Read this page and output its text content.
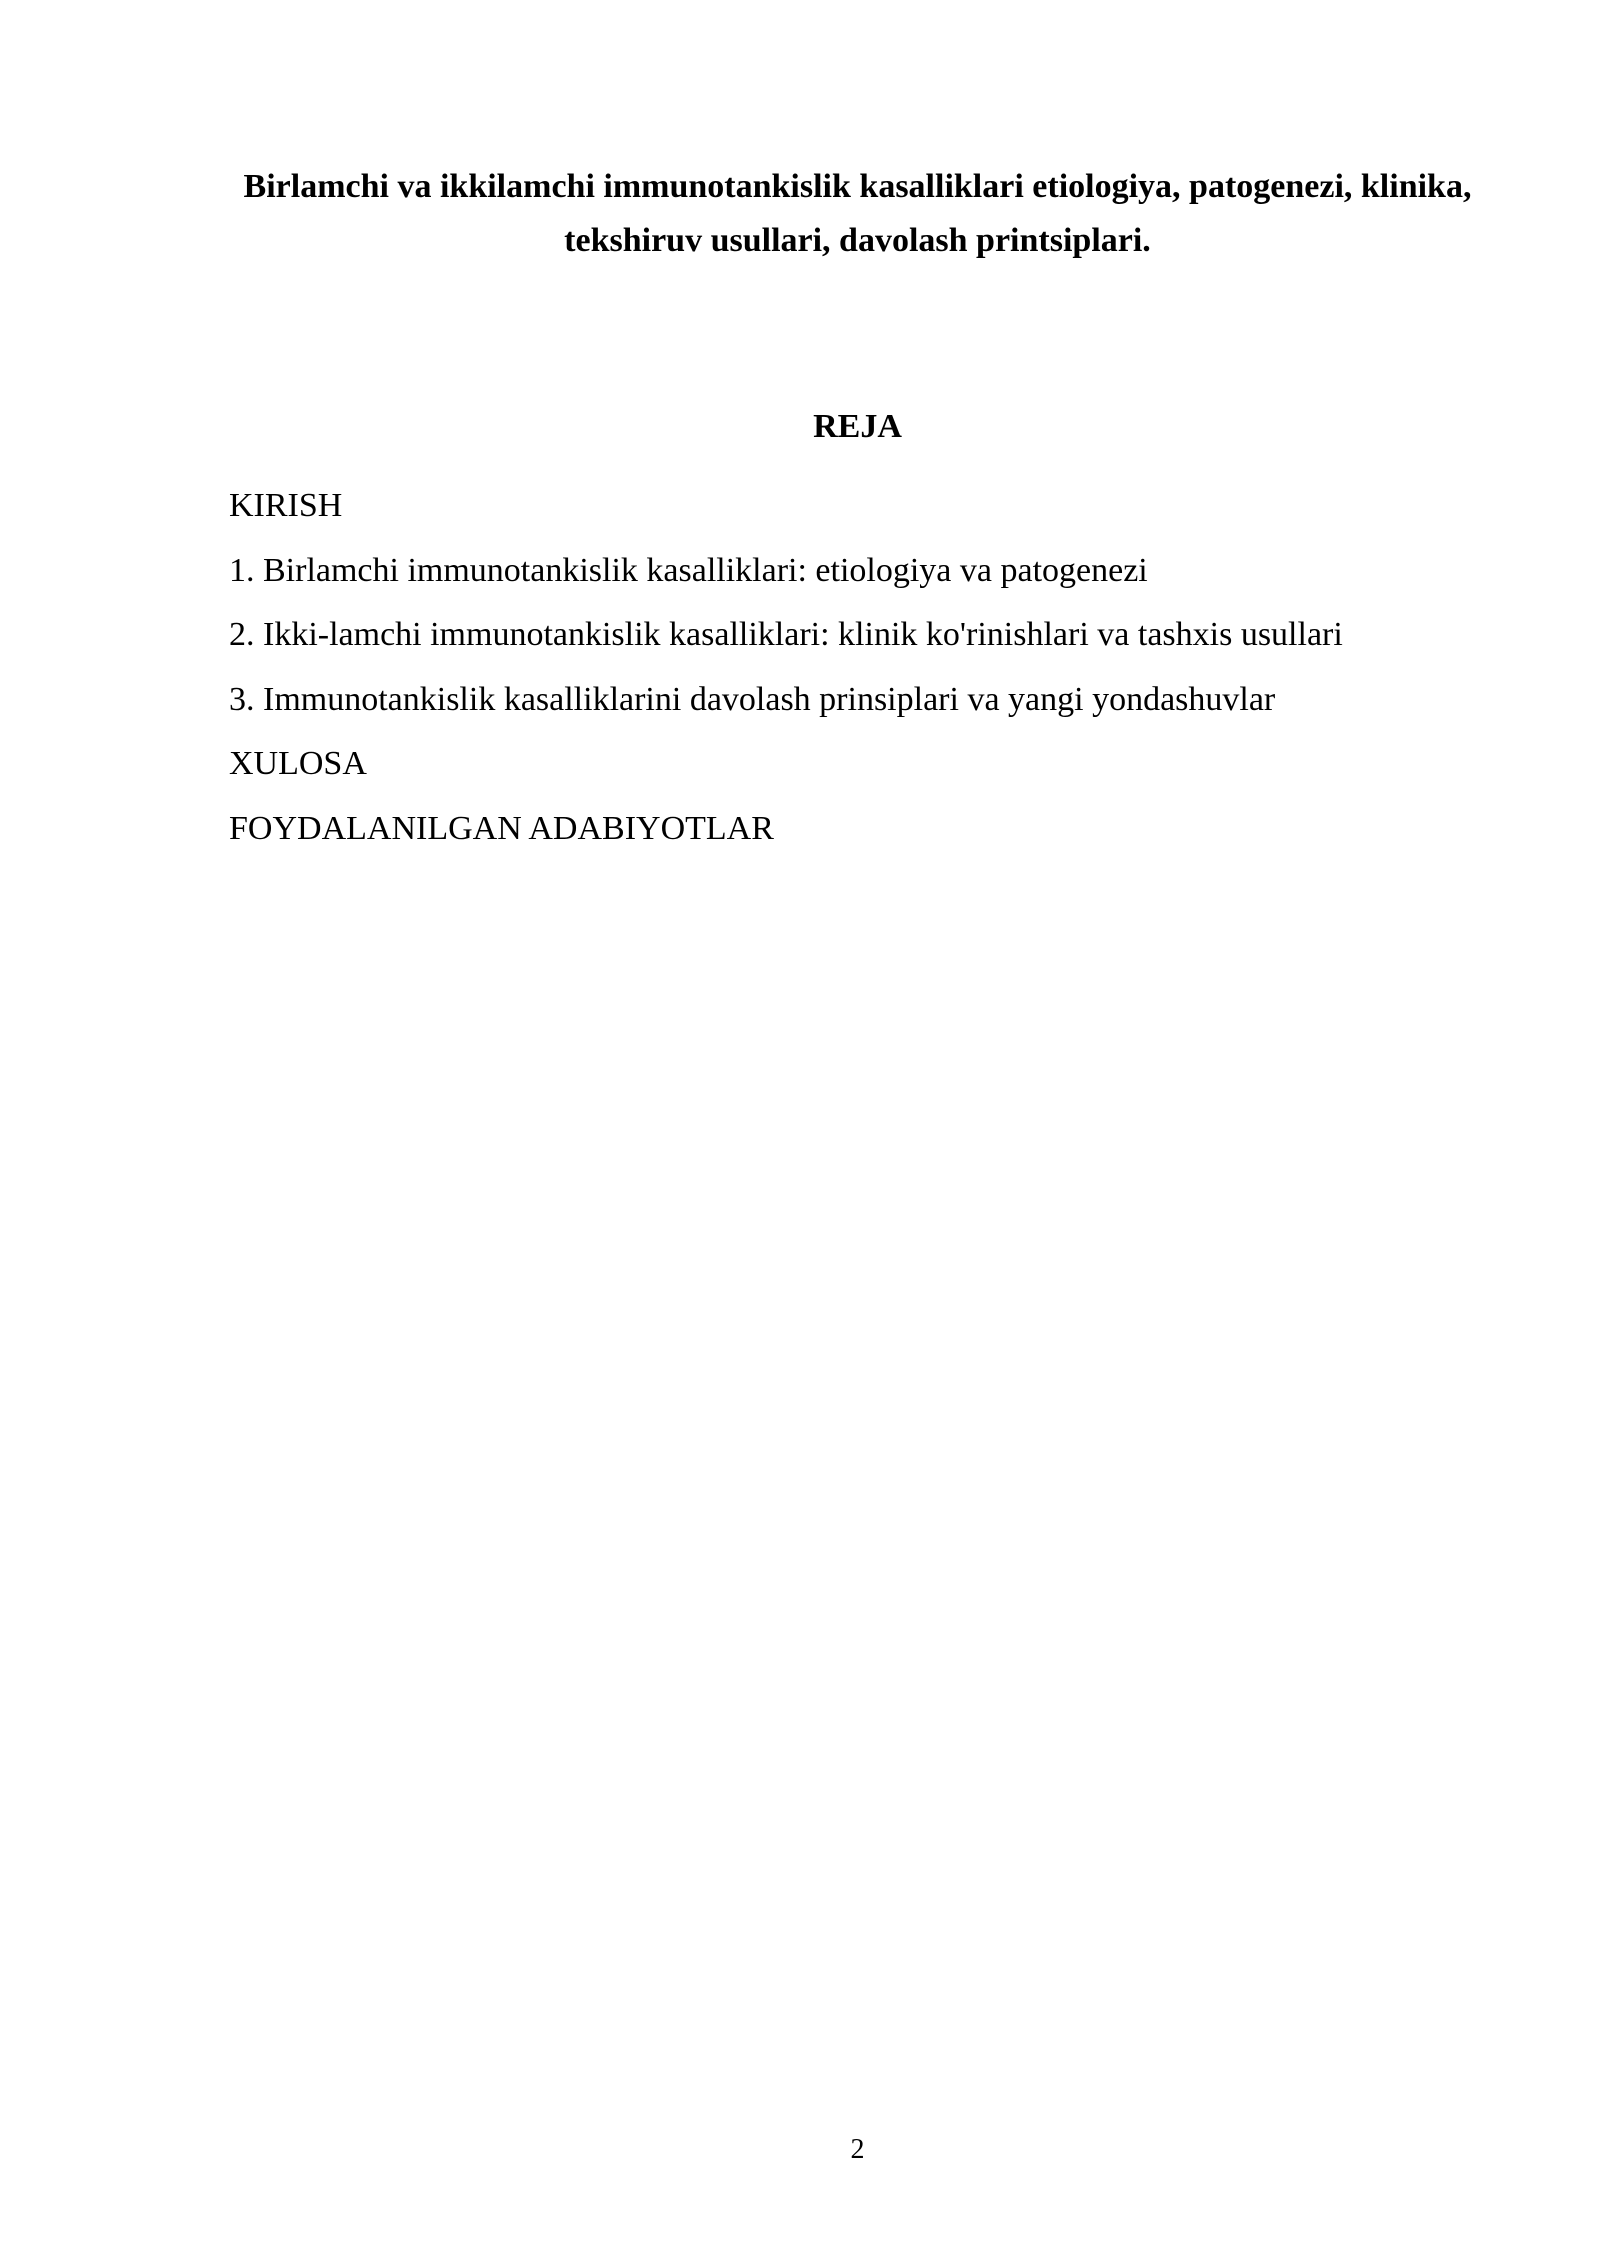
Birlamchi va ikkilamchi immunotankislik kasalliklari etiologiya, patogenezi, klinika, tekshiruv usullari, davolash printsiplari.
REJA
KIRISH
1. Birlamchi immunotankislik kasalliklari: etiologiya va patogenezi
2. Ikki-lamchi immunotankislik kasalliklari: klinik ko'rinishlari va tashxis usullari
3. Immunotankislik kasalliklarini davolash prinsiplari va yangi yondashuvlar
XULOSA
FOYDALANILGAN ADABIYOTLAR
2
